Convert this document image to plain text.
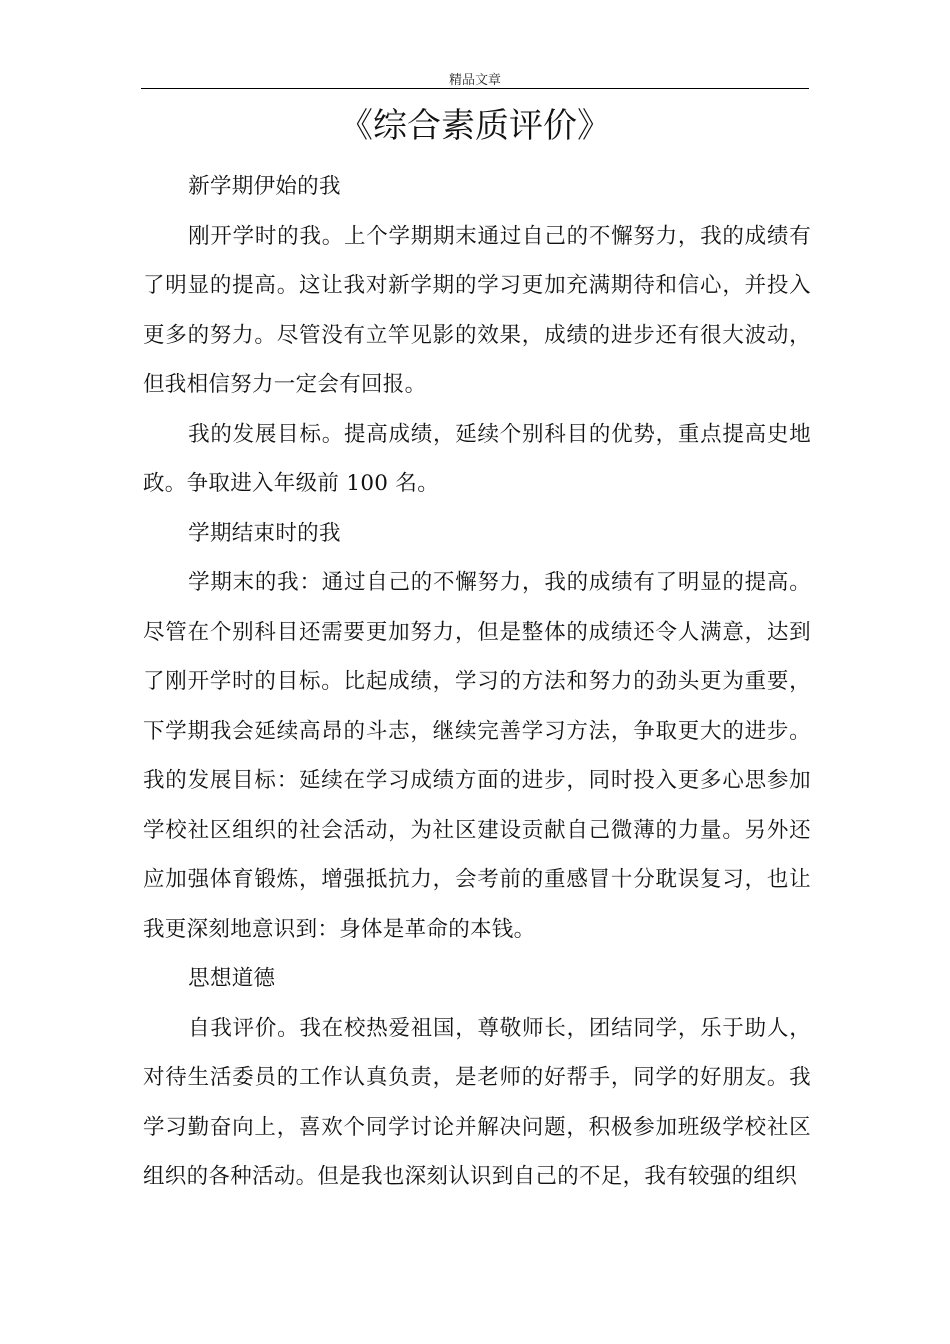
精品文章
《综合素质评价》

新学期伊始的我

刚开学时的我。上个学期期末通过自己的不懈努力，我的成绩有了明显的提高。这让我对新学期的学习更加充满期待和信心，并投入更多的努力。尽管没有立竿见影的效果，成绩的进步还有很大波动，但我相信努力一定会有回报。

我的发展目标。提高成绩，延续个别科目的优势，重点提高史地政。争取进入年级前 100 名。

学期结束时的我

学期末的我：通过自己的不懈努力，我的成绩有了明显的提高。尽管在个别科目还需要更加努力，但是整体的成绩还令人满意，达到了刚开学时的目标。比起成绩，学习的方法和努力的劲头更为重要，下学期我会延续高昂的斗志，继续完善学习方法，争取更大的进步。我的发展目标：延续在学习成绩方面的进步，同时投入更多心思参加学校社区组织的社会活动，为社区建设贡献自己微薄的力量。另外还应加强体育锻炼，增强抵抗力，会考前的重感冒十分耽误复习，也让我更深刻地意识到：身体是革命的本钱。

思想道德

自我评价。我在校热爱祖国，尊敬师长，团结同学，乐于助人，对待生活委员的工作认真负责，是老师的好帮手，同学的好朋友。我学习勤奋向上，喜欢个同学讨论并解决问题，积极参加班级学校社区组织的各种活动。但是我也深刻认识到自己的不足，我有较强的组织
